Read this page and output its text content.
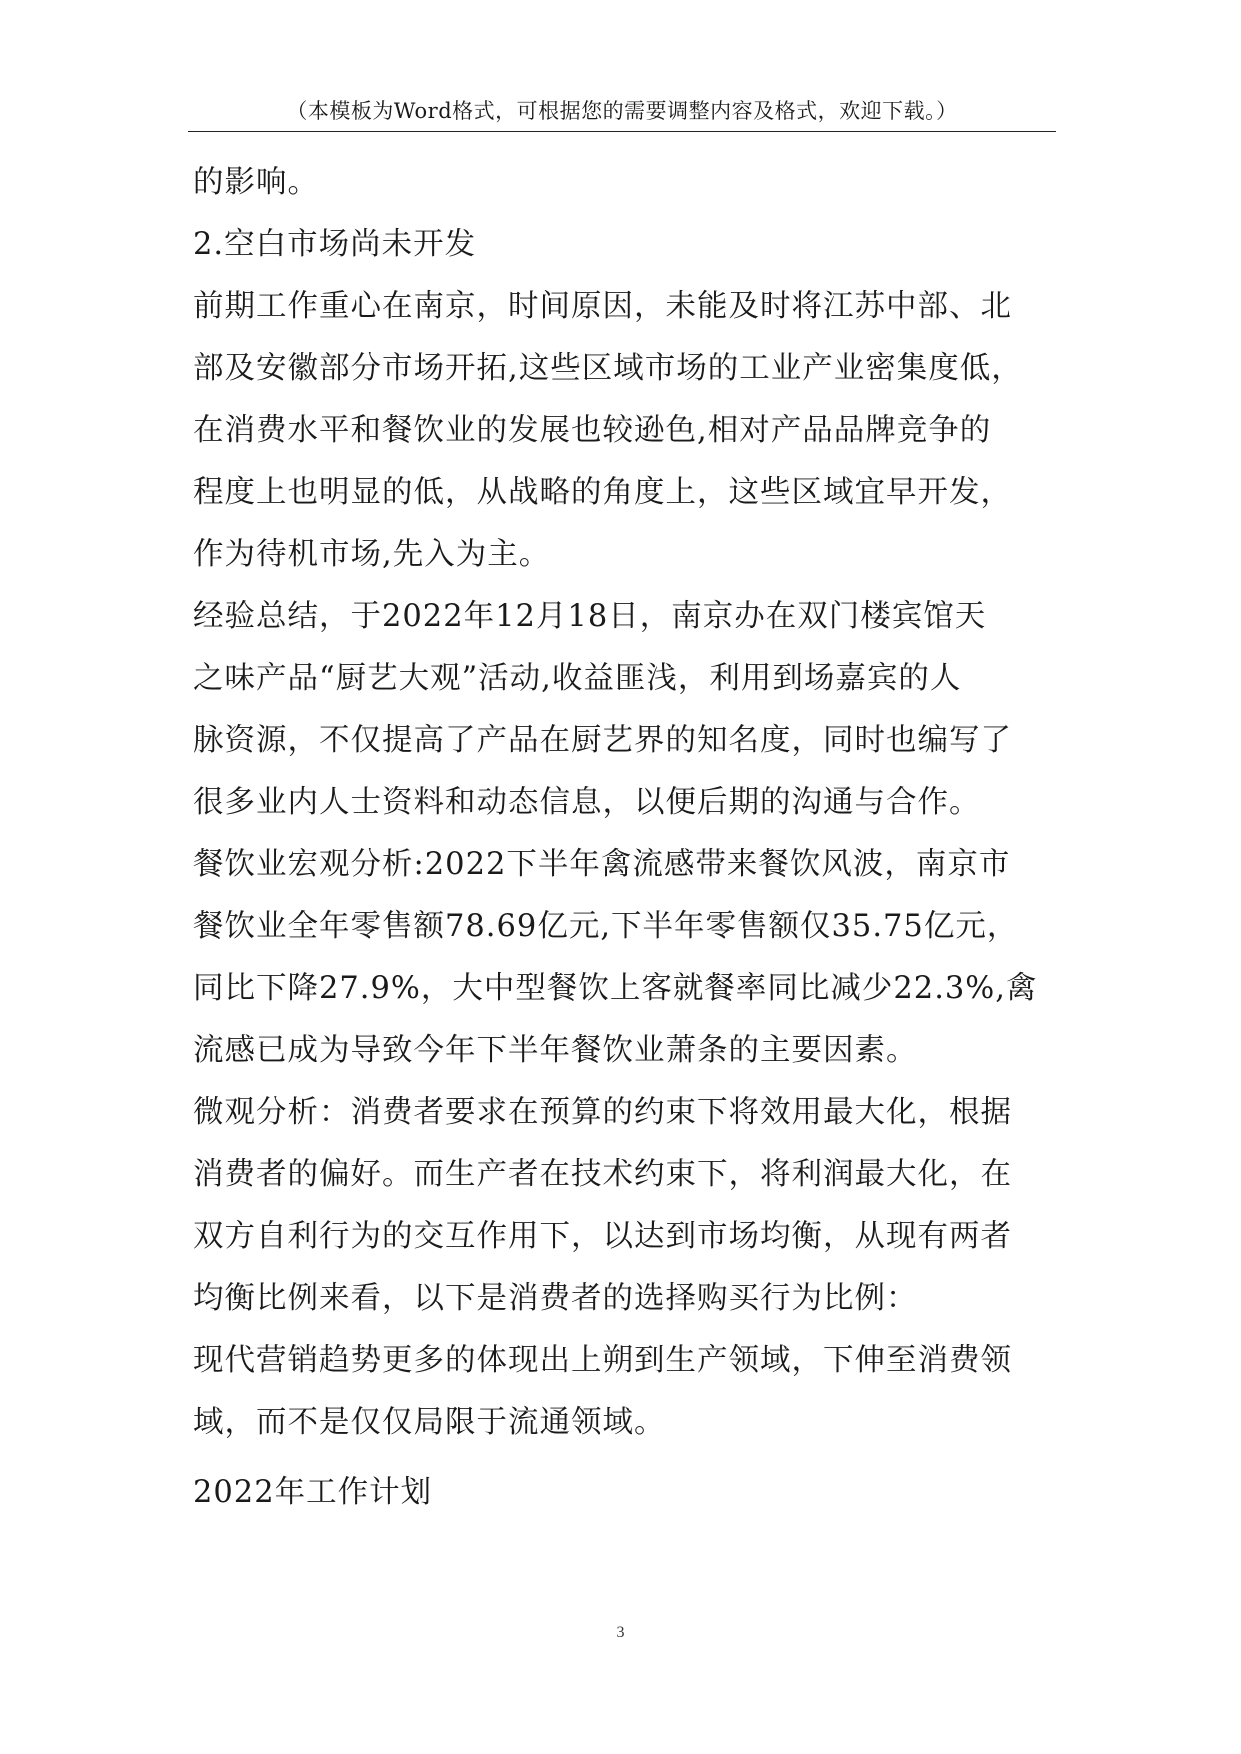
（本模板为Word格式，可根据您的需要调整内容及格式，欢迎下载。）
的影响。
2.空白市场尚未开发
前期工作重心在南京，时间原因，未能及时将江苏中部、北
部及安徽部分市场开拓,这些区域市场的工业产业密集度低，
在消费水平和餐饮业的发展也较逊色,相对产品品牌竞争的
程度上也明显的低，从战略的角度上，这些区域宜早开发，
作为待机市场,先入为主。
经验总结，于2022年12月18日，南京办在双门楼宾馆天
之味产品“厨艺大观”活动,收益匪浅，利用到场嘉宾的人
脉资源，不仅提高了产品在厨艺界的知名度，同时也编写了
很多业内人士资料和动态信息，以便后期的沟通与合作。
餐饮业宏观分析:2022下半年禽流感带来餐饮风波，南京市
餐饮业全年零售额78.69亿元,下半年零售额仅35.75亿元，
同比下降27.9%，大中型餐饮上客就餐率同比减少22.3%,禽
流感已成为导致今年下半年餐饮业萧条的主要因素。
微观分析：消费者要求在预算的约束下将效用最大化，根据
消费者的偏好。而生产者在技术约束下，将利润最大化，在
双方自利行为的交互作用下，以达到市场均衡，从现有两者
均衡比例来看，以下是消费者的选择购买行为比例：
现代营销趋势更多的体现出上朔到生产领域，下伸至消费领
域，而不是仅仅局限于流通领域。
2022年工作计划
3
